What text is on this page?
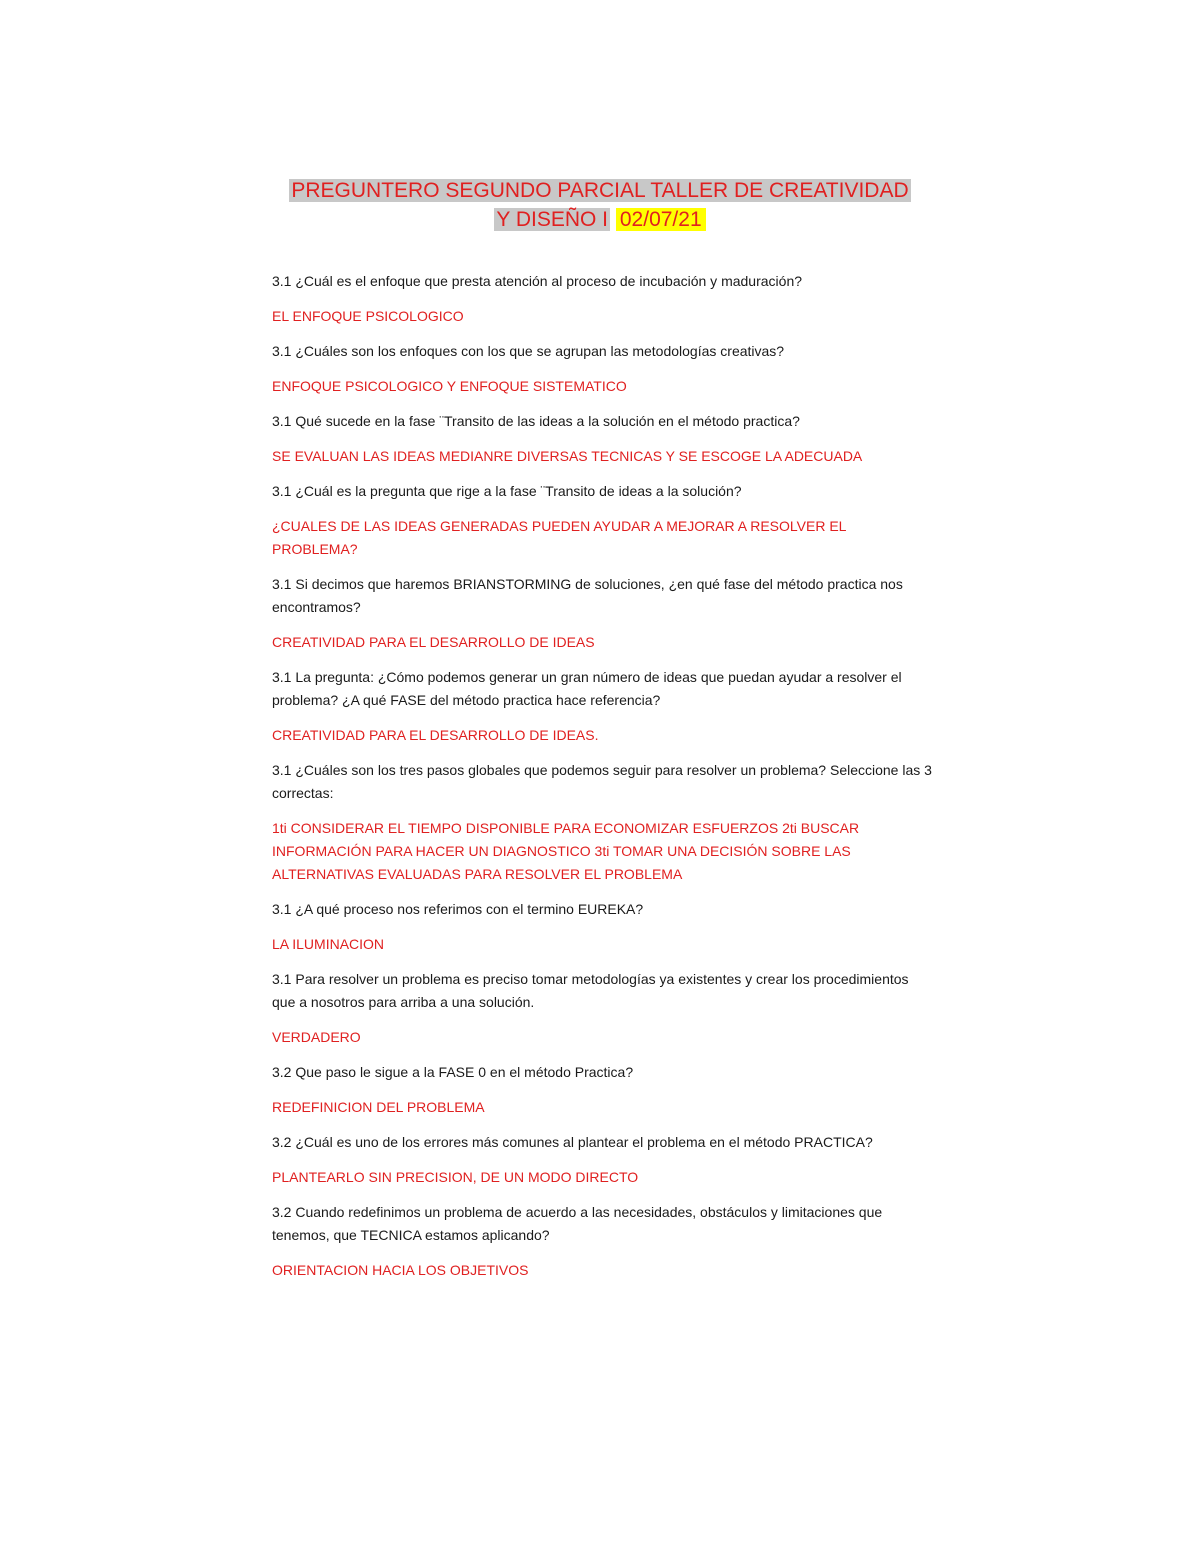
PREGUNTERO SEGUNDO PARCIAL TALLER DE CREATIVIDAD
Y DISEÑO I 02/07/21

3.1 ¿Cuál es el enfoque que presta atención al proceso de incubación y maduración?

EL ENFOQUE PSICOLOGICO

3.1 ¿Cuáles son los enfoques con los que se agrupan las metodologías creativas?

ENFOQUE PSICOLOGICO Y ENFOQUE SISTEMATICO

3.1 Qué sucede en la fase ¨Transito de las ideas a la solución en el método practica?

SE EVALUAN LAS IDEAS MEDIANRE DIVERSAS TECNICAS Y SE ESCOGE LA ADECUADA

3.1 ¿Cuál es la pregunta que rige a la fase ¨Transito de ideas a la solución?

¿CUALES DE LAS IDEAS GENERADAS PUEDEN AYUDAR A MEJORAR A RESOLVER EL PROBLEMA?

3.1 Si decimos que haremos BRIANSTORMING de soluciones, ¿en qué fase del método practica nos encontramos?

CREATIVIDAD PARA EL DESARROLLO DE IDEAS

3.1 La pregunta: ¿Cómo podemos generar un gran número de ideas que puedan ayudar a resolver el problema? ¿A qué FASE del método practica hace referencia?

CREATIVIDAD PARA EL DESARROLLO DE IDEAS.

3.1 ¿Cuáles son los tres pasos globales que podemos seguir para resolver un problema? Seleccione las 3 correctas:

1ti CONSIDERAR EL TIEMPO DISPONIBLE PARA ECONOMIZAR ESFUERZOS 2ti BUSCAR INFORMACIÓN PARA HACER UN DIAGNOSTICO 3ti TOMAR UNA DECISIÓN SOBRE LAS ALTERNATIVAS EVALUADAS PARA RESOLVER EL PROBLEMA

3.1 ¿A qué proceso nos referimos con el termino EUREKA?

LA ILUMINACION

3.1 Para resolver un problema es preciso tomar metodologías ya existentes y crear los procedimientos que a nosotros para arriba a una solución.

VERDADERO

3.2 Que paso le sigue a la FASE 0 en el método Practica?

REDEFINICION DEL PROBLEMA

3.2 ¿Cuál es uno de los errores más comunes al plantear el problema en el método PRACTICA?

PLANTEARLO SIN PRECISION, DE UN MODO DIRECTO

3.2 Cuando redefinimos un problema de acuerdo a las necesidades, obstáculos y limitaciones que tenemos, que TECNICA estamos aplicando?

ORIENTACION HACIA LOS OBJETIVOS
